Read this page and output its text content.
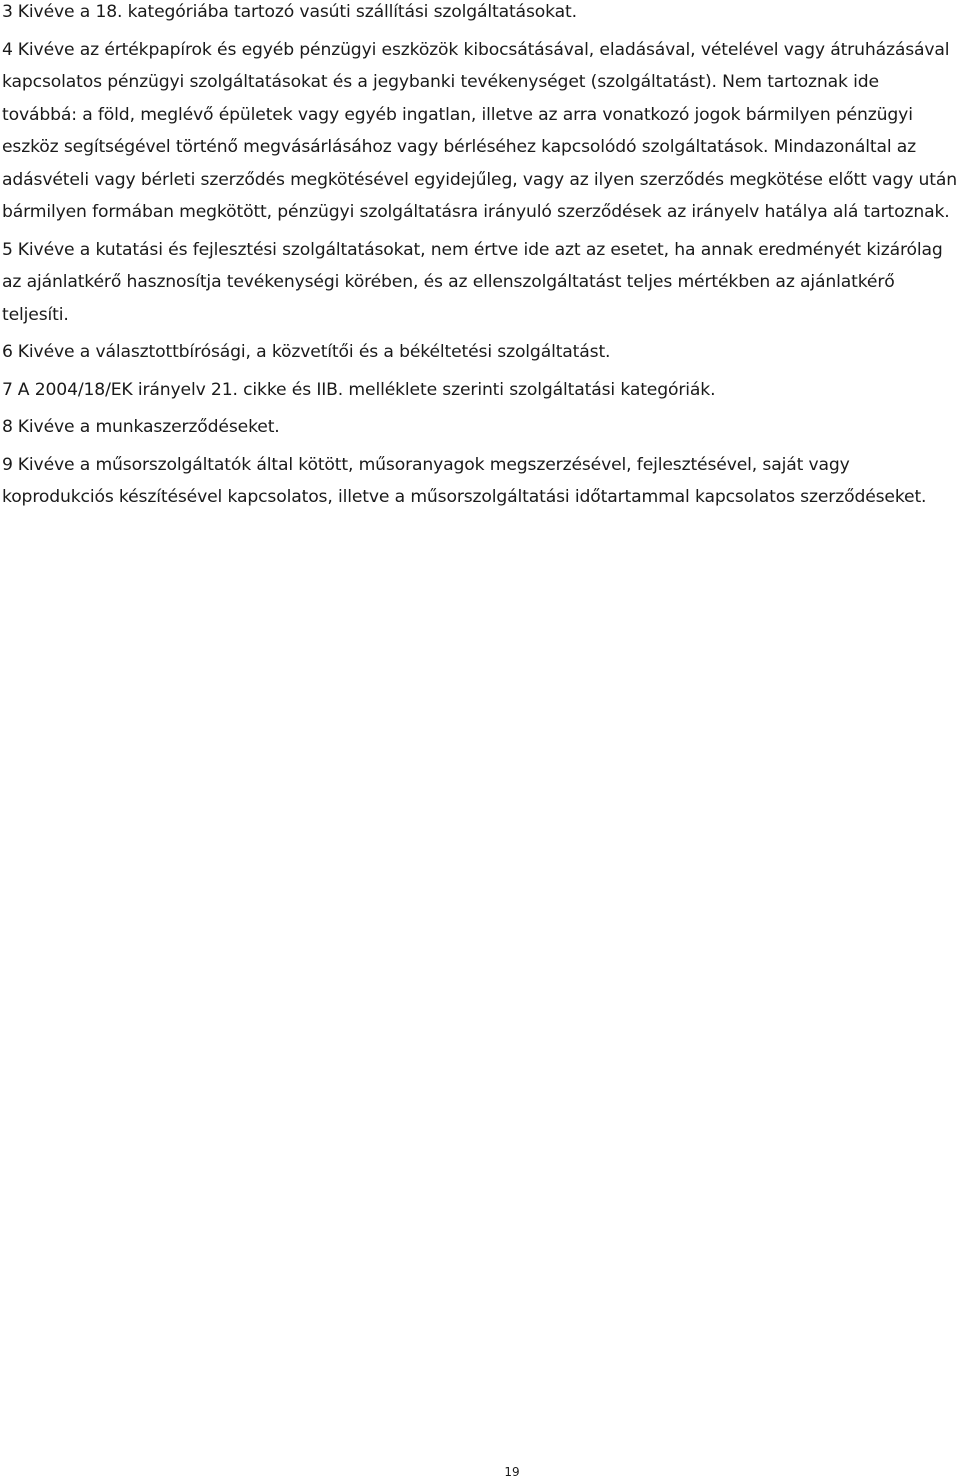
3 Kivéve a 18. kategóriába tartozó vasúti szállítási szolgáltatásokat.

4 Kivéve az értékpapírok és egyéb pénzügyi eszközök kibocsátásával, eladásával, vételével vagy átruházásával kapcsolatos pénzügyi szolgáltatásokat és a jegybanki tevékenységet (szolgáltatást). Nem tartoznak ide továbbá: a föld, meglévő épületek vagy egyéb ingatlan, illetve az arra vonatkozó jogok bármilyen pénzügyi eszköz segítségével történő megvásárlásához vagy bérléséhez kapcsolódó szolgáltatások. Mindazonáltal az adásvételi vagy bérleti szerződés megkötésével egyidejűleg, vagy az ilyen szerződés megkötése előtt vagy után bármilyen formában megkötött, pénzügyi szolgáltatásra irányuló szerződések az irányelv hatálya alá tartoznak.

5 Kivéve a kutatási és fejlesztési szolgáltatásokat, nem értve ide azt az esetet, ha annak eredményét kizárólag az ajánlatkérő hasznosítja tevékenységi körében, és az ellenszolgáltatást teljes mértékben az ajánlatkérő teljesíti.

6 Kivéve a választottbírósági, a közvetítői és a békéltetési szolgáltatást.

7 A 2004/18/EK irányelv 21. cikke és IIB. melléklete szerinti szolgáltatási kategóriák.

8 Kivéve a munkaszerződéseket.

9 Kivéve a műsorszolgáltatók által kötött, műsoranyagok megszerzésével, fejlesztésével, saját vagy koprodukciós készítésével kapcsolatos, illetve a műsorszolgáltatási időtartammal kapcsolatos szerződéseket.

19
